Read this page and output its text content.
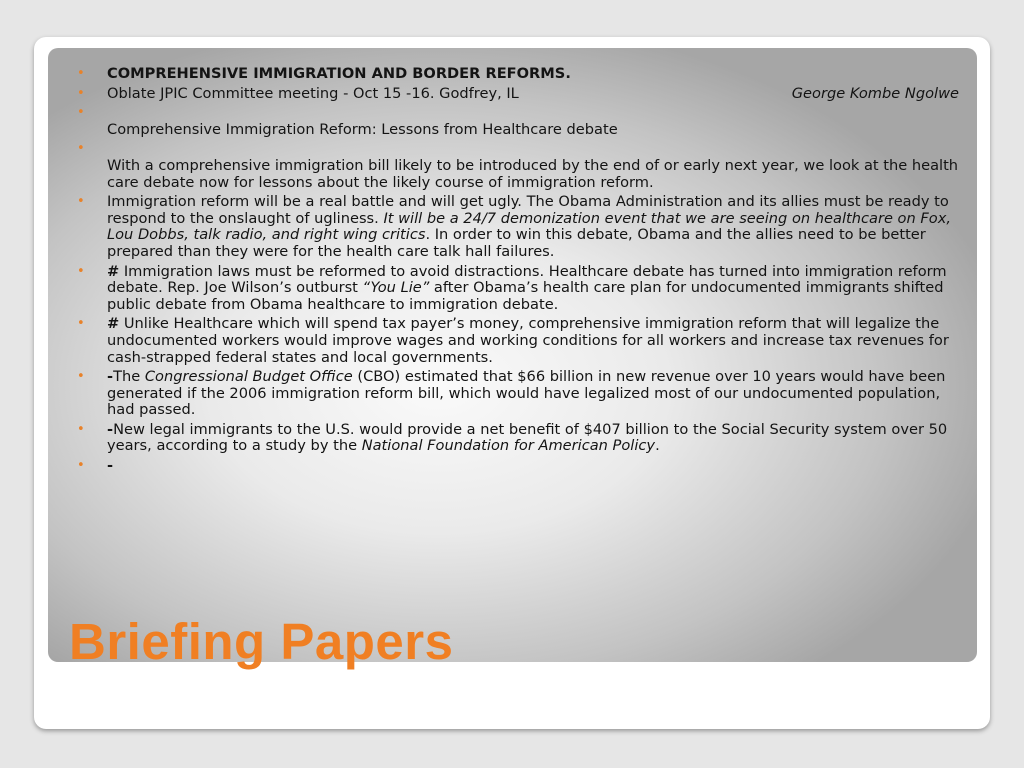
• COMPREHENSIVE IMMIGRATION AND BORDER REFORMS.
• Oblate JPIC Committee meeting - Oct 15 -16. Godfrey, IL	George Kombe Ngolwe
•
Comprehensive Immigration Reform: Lessons from Healthcare debate
•
With a comprehensive immigration bill likely to be introduced by the end of or early next year, we look at the health care debate now for lessons about the likely course of immigration reform.
• Immigration reform will be a real battle and will get ugly. The Obama Administration and its allies must be ready to respond to the onslaught of ugliness. It will be a 24/7 demonization event that we are seeing on healthcare on Fox, Lou Dobbs, talk radio, and right wing critics. In order to win this debate, Obama and the allies need to be better prepared than they were for the health care talk hall failures.
• # Immigration laws must be reformed to avoid distractions. Healthcare debate has turned into immigration reform debate. Rep. Joe Wilson’s outburst “You Lie” after Obama’s health care plan for undocumented immigrants shifted public debate from Obama healthcare to immigration debate.
• # Unlike Healthcare which will spend tax payer’s money, comprehensive immigration reform that will legalize the undocumented workers would improve wages and working conditions for all workers and increase tax revenues for cash-strapped federal states and local governments.
• -The Congressional Budget Office (CBO) estimated that $66 billion in new revenue over 10 years would have been generated if the 2006 immigration reform bill, which would have legalized most of our undocumented population, had passed.
• -New legal immigrants to the U.S. would provide a net benefit of $407 billion to the Social Security system over 50 years, according to a study by the National Foundation for American Policy.
• -
Briefing Papers
